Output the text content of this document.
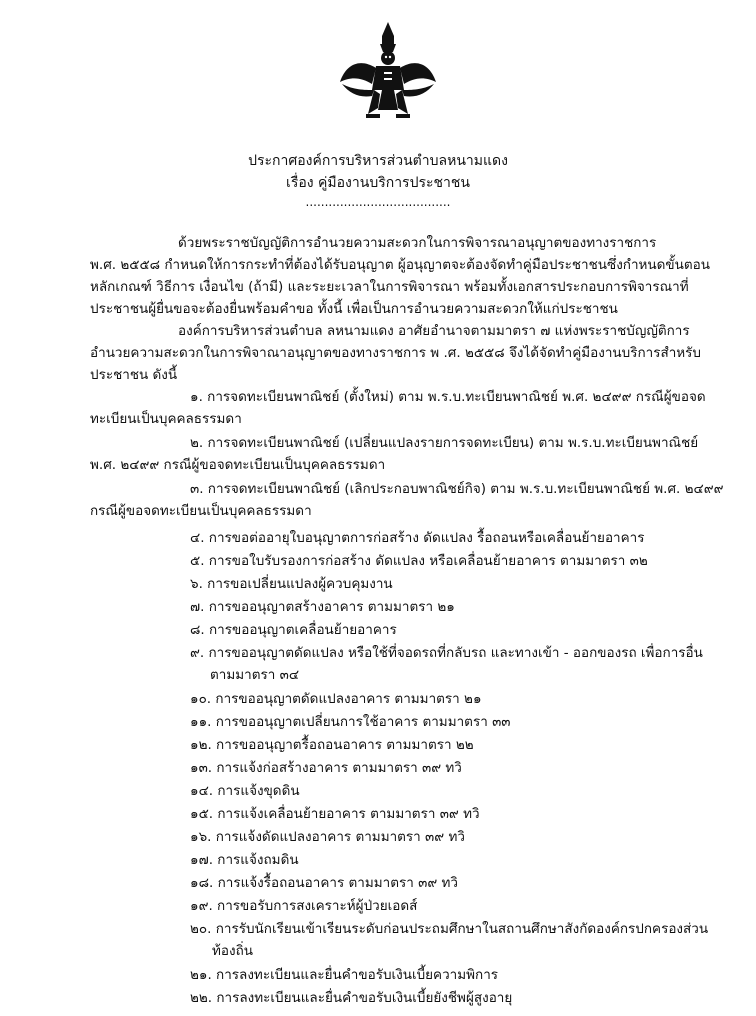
ประกาศองค์การบริหารส่วนตำบลหนามแดง
เรื่อง คู่มืองานบริการประชาชน
......................................
ด้วยพระราชบัญญัติการอำนวยความสะดวกในการพิจารณาอนุญาตของทางราชการ
พ.ศ. ๒๕๕๘ กำหนดให้การกระทำที่ต้องได้รับอนุญาต ผู้อนุญาตจะต้องจัดทำคู่มือประชาชนซึ่งกำหนดขั้นตอน
หลักเกณฑ์ วิธีการ เงื่อนไข (ถ้ามี) และระยะเวลาในการพิจารณา พร้อมทั้งเอกสารประกอบการพิจารณาที่
ประชาชนผู้ยื่นขอจะต้องยื่นพร้อมคำขอ ทั้งนี้ เพื่อเป็นการอำนวยความสะดวกให้แก่ประชาชน
องค์การบริหารส่วนตำบล ลหนามแดง อาศัยอำนาจตามมาตรา ๗ แห่งพระราชบัญญัติการ
อำนวยความสะดวกในการพิจาณาอนุญาตของทางราชการ พ .ศ. ๒๕๕๘ จึงได้จัดทำคู่มืองานบริการสำหรับ
ประชาชน ดังนี้
๑. การจดทะเบียนพาณิชย์ (ตั้งใหม่) ตาม พ.ร.บ.ทะเบียนพาณิชย์ พ.ศ. ๒๔๙๙ กรณีผู้ขอจด
ทะเบียนเป็นบุคคลธรรมดา
๒. การจดทะเบียนพาณิชย์ (เปลี่ยนแปลงรายการจดทะเบียน) ตาม พ.ร.บ.ทะเบียนพาณิชย์
พ.ศ. ๒๔๙๙ กรณีผู้ขอจดทะเบียนเป็นบุคคลธรรมดา
๓. การจดทะเบียนพาณิชย์ (เลิกประกอบพาณิชย์กิจ) ตาม พ.ร.บ.ทะเบียนพาณิชย์ พ.ศ. ๒๔๙๙
กรณีผู้ขอจดทะเบียนเป็นบุคคลธรรมดา
๔. การขอต่ออายุใบอนุญาตการก่อสร้าง ดัดแปลง รื้อถอนหรือเคลื่อนย้ายอาคาร
๕. การขอใบรับรองการก่อสร้าง ดัดแปลง หรือเคลื่อนย้ายอาคาร ตามมาตรา ๓๒
๖. การขอเปลี่ยนแปลงผู้ควบคุมงาน
๗. การขออนุญาตสร้างอาคาร ตามมาตรา ๒๑
๘. การขออนุญาตเคลื่อนย้ายอาคาร
๙. การขออนุญาตดัดแปลง หรือใช้ที่จอดรถที่กลับรถ และทางเข้า - ออกของรถ เพื่อการอื่น
ตามมาตรา ๓๔
๑๐. การขออนุญาตดัดแปลงอาคาร ตามมาตรา ๒๑
๑๑. การขออนุญาตเปลี่ยนการใช้อาคาร ตามมาตรา ๓๓
๑๒. การขออนุญาตรื้อถอนอาคาร ตามมาตรา ๒๒
๑๓. การแจ้งก่อสร้างอาคาร ตามมาตรา ๓๙ ทวิ
๑๔. การแจ้งขุดดิน
๑๕. การแจ้งเคลื่อนย้ายอาคาร ตามมาตรา ๓๙ ทวิ
๑๖. การแจ้งดัดแปลงอาคาร ตามมาตรา ๓๙ ทวิ
๑๗. การแจ้งถมดิน
๑๘. การแจ้งรื้อถอนอาคาร ตามมาตรา ๓๙ ทวิ
๑๙. การขอรับการสงเคราะห์ผู้ป่วยเอดส์
๒๐. การรับนักเรียนเข้าเรียนระดับก่อนประถมศึกษาในสถานศึกษาสังกัดองค์กรปกครองส่วน
ท้องถิ่น
๒๑. การลงทะเบียนและยื่นคำขอรับเงินเบี้ยความพิการ
๒๒. การลงทะเบียนและยื่นคำขอรับเงินเบี้ยยังชีพผู้สูงอายุ
